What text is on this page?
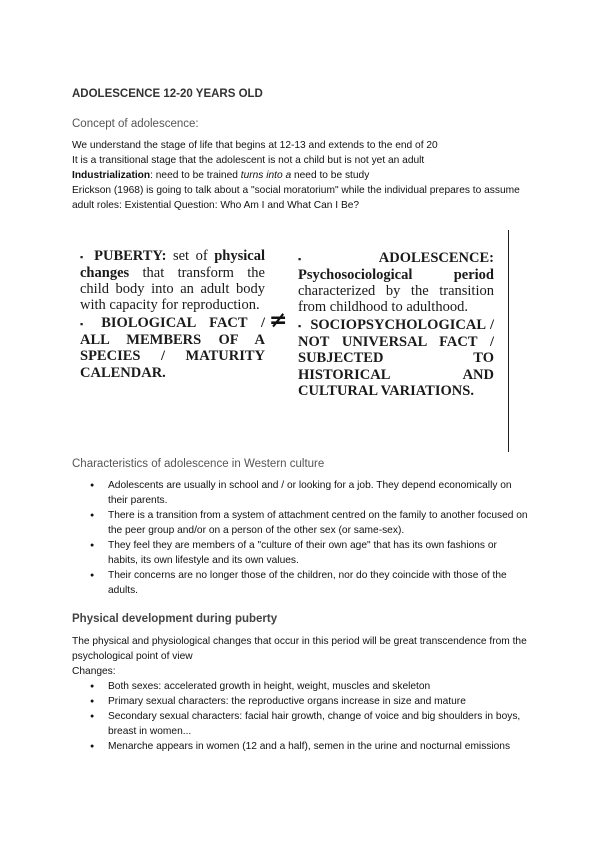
ADOLESCENCE 12-20 YEARS OLD
Concept of adolescence:

We understand the stage of life that begins at 12-13 and extends to the end of 20

It is a transitional stage that the adolescent is not a child but is not yet an adult

Industrialization: need to be trained turns into a need to be study

Erickson (1968) is going to talk about a "social moratorium" while the individual prepares to assume adult roles: Existential Question: Who Am I and What Can I Be?

▪ PUBERTY: set of physical changes that transform the child body into an adult body with capacity for reproduction.

▪ BIOLOGICAL FACT / ALL MEMBERS OF A SPECIES / MATURITY CALENDAR.

≠

▪ ADOLESCENCE: Psychosociological period characterized by the transition from childhood to adulthood.

▪ SOCIOPSYCHOLOGICAL / NOT UNIVERSAL FACT / SUBJECTED TO HISTORICAL AND CULTURAL VARIATIONS.

Characteristics of adolescence in Western culture
● Adolescents are usually in school and / or looking for a job. They depend economically on their parents.
● There is a transition from a system of attachment centred on the family to another focused on the peer group and/or on a person of the other sex (or same-sex).
● They feel they are members of a "culture of their own age" that has its own fashions or habits, its own lifestyle and its own values.
● Their concerns are no longer those of the children, nor do they coincide with those of the adults.
Physical development during puberty

The physical and physiological changes that occur in this period will be great transcendence from the psychological point of view

Changes:

● Both sexes: accelerated growth in height, weight, muscles and skeleton
● Primary sexual characters: the reproductive organs increase in size and mature
● Secondary sexual characters: facial hair growth, change of voice and big shoulders in boys, breast in women...
● Menarche appears in women (12 and a half), semen in the urine and nocturnal emissions
